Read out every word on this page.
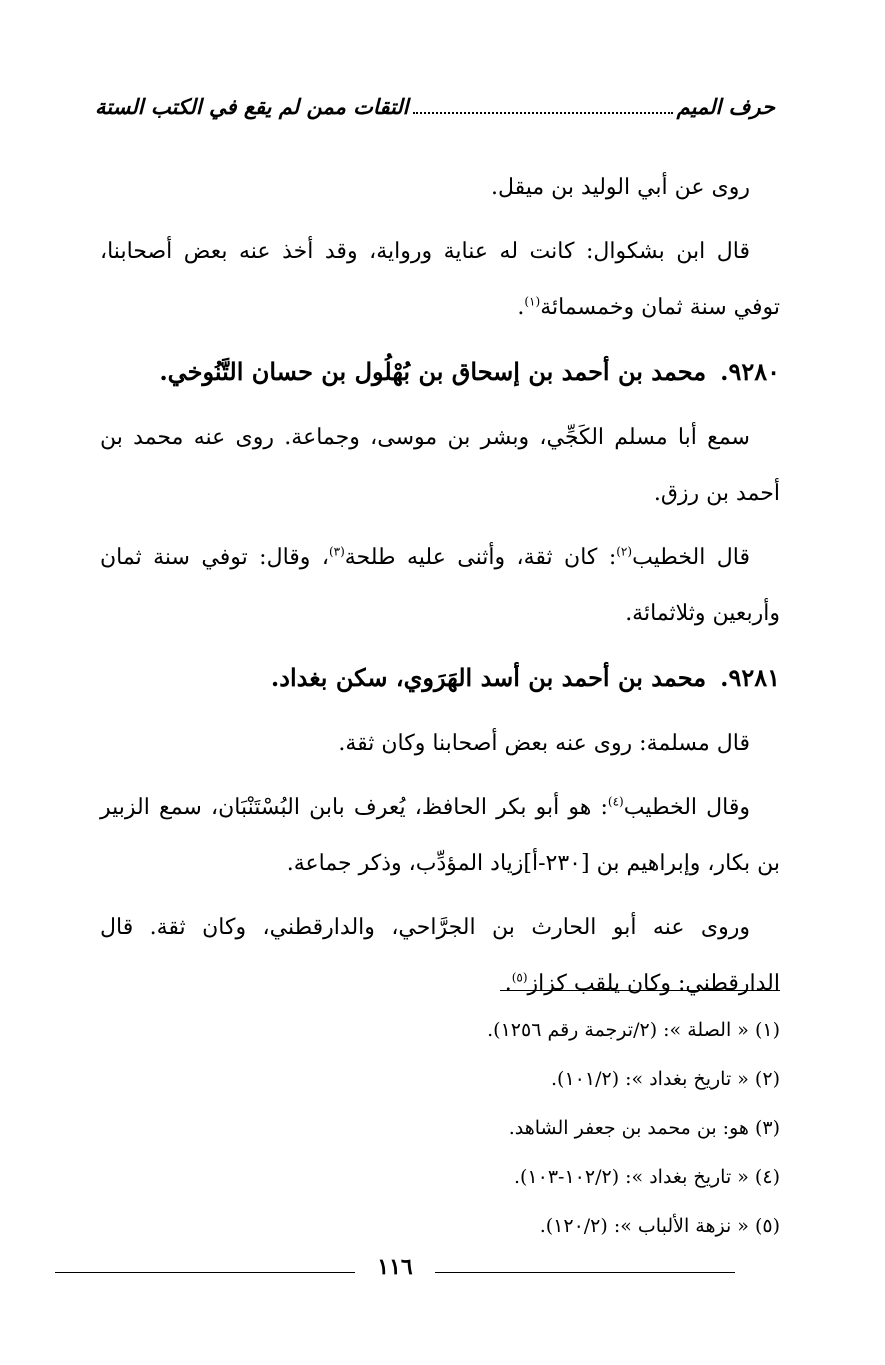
حرف الميم
التقات ممن لم يقع في الكتب الستة

روى عن أبي الوليد بن ميقل.

قال ابن بشكوال: كانت له عناية ورواية، وقد أخذ عنه بعض أصحابنا، توفي سنة ثمان وخمسمائة$^{(١)}$.

٩٢٨٠.محمد بن أحمد بن إسحاق بن بُهْلُول بن حسان التَّنُوخي.

سمع أبا مسلم الكَجِّي، وبشر بن موسى، وجماعة. روى عنه محمد بن أحمد بن رزق.

قال الخطيب$^{(٢)}$: كان ثقة، وأثنى عليه طلحة$^{(٣)}$، وقال: توفي سنة ثمان وأربعين وثلاثمائة.

٩٢٨١.محمد بن أحمد بن أسد الهَرَوي، سكن بغداد.

قال مسلمة: روى عنه بعض أصحابنا وكان ثقة.

وقال الخطيب$^{(٤)}$: هو أبو بكر الحافظ، يُعرف بابن البُسْتَنْبَان، سمع الزبير بن بكار، وإبراهيم بن [٢٣٠-أ]زياد المؤدِّب، وذكر جماعة.

وروى عنه أبو الحارث بن الجرَّاحي، والدارقطني، وكان ثقة. قال الدارقطني: وكان يلقب كزاز$^{(٥)}$.

(١) « الصلة »: (٢/ترجمة رقم ١٢٥٦).

(٢) « تاريخ بغداد »: (١٠١/٢).

(٣) هو: بن محمد بن جعفر الشاهد.

(٤) « تاريخ بغداد »: (١٠٢/٢-١٠٣).

(٥) « نزهة الألباب »: (١٢٠/٢).

١١٦
